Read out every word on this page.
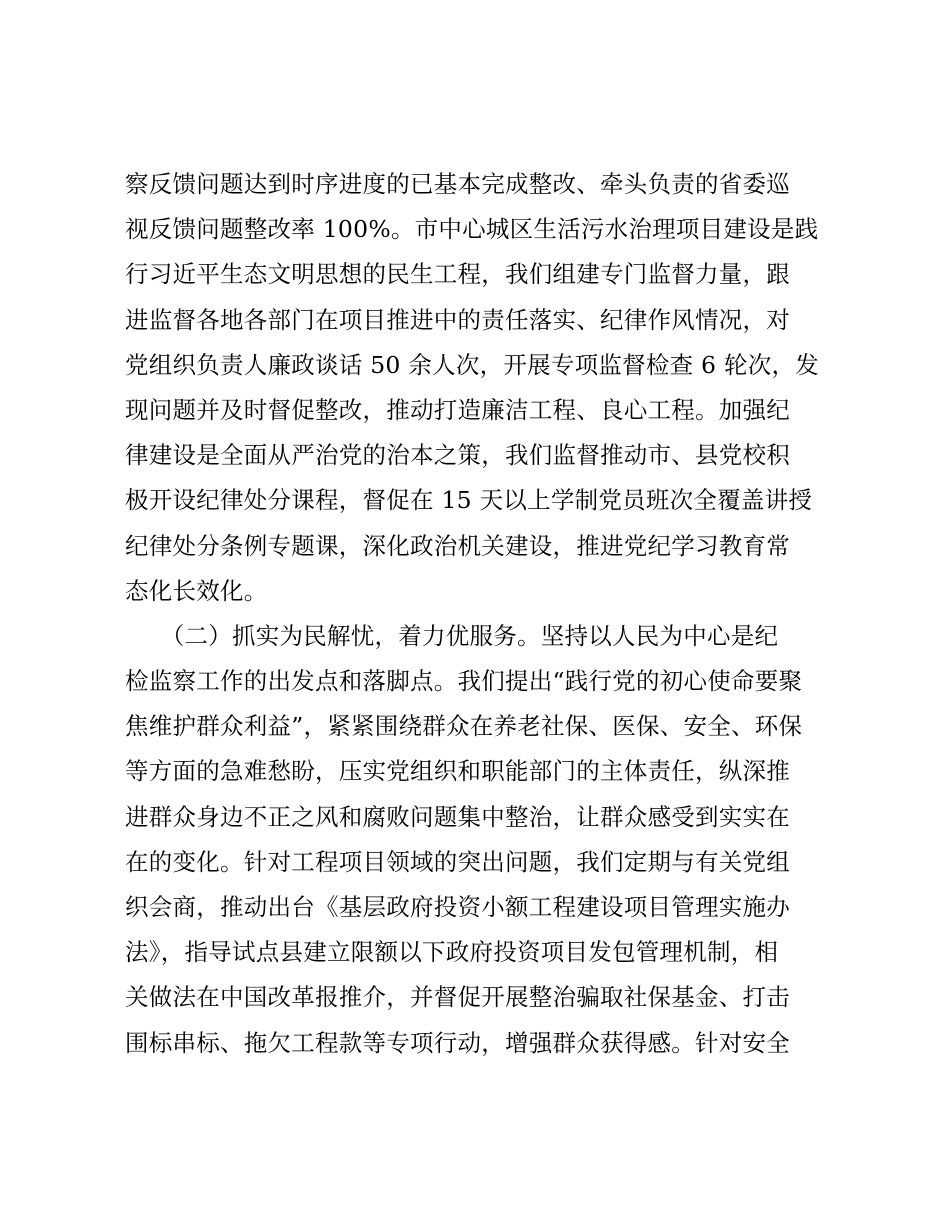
察反馈问题达到时序进度的已基本完成整改、牵头负责的省委巡
视反馈问题整改率 100%。市中心城区生活污水治理项目建设是践
行习近平生态文明思想的民生工程，我们组建专门监督力量，跟
进监督各地各部门在项目推进中的责任落实、纪律作风情况，对
党组织负责人廉政谈话 50 余人次，开展专项监督检查 6 轮次，发
现问题并及时督促整改，推动打造廉洁工程、良心工程。加强纪
律建设是全面从严治党的治本之策，我们监督推动市、县党校积
极开设纪律处分课程，督促在 15 天以上学制党员班次全覆盖讲授
纪律处分条例专题课，深化政治机关建设，推进党纪学习教育常
态化长效化。
　　（二）抓实为民解忧，着力优服务。坚持以人民为中心是纪
检监察工作的出发点和落脚点。我们提出“践行党的初心使命要聚
焦维护群众利益”，紧紧围绕群众在养老社保、医保、安全、环保
等方面的急难愁盼，压实党组织和职能部门的主体责任，纵深推
进群众身边不正之风和腐败问题集中整治，让群众感受到实实在
在的变化。针对工程项目领域的突出问题，我们定期与有关党组
织会商，推动出台《基层政府投资小额工程建设项目管理实施办
法》，指导试点县建立限额以下政府投资项目发包管理机制，相
关做法在中国改革报推介，并督促开展整治骗取社保基金、打击
围标串标、拖欠工程款等专项行动，增强群众获得感。针对安全
